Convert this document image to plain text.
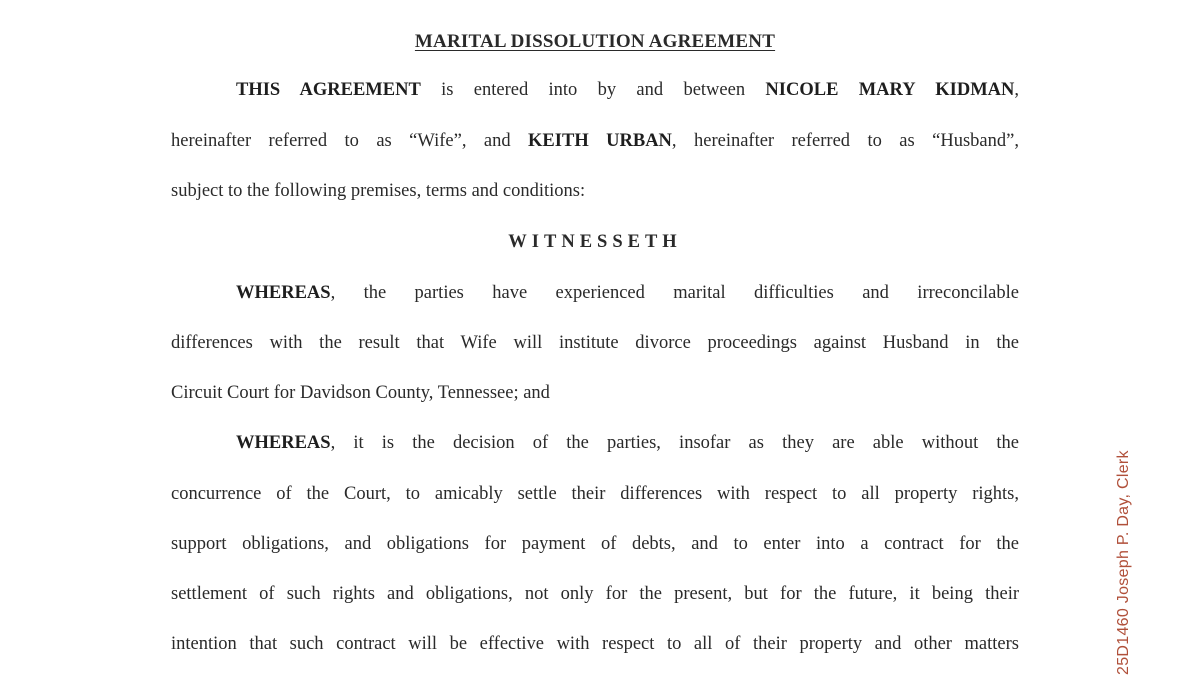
MARITAL DISSOLUTION AGREEMENT
THIS AGREEMENT is entered into by and between NICOLE MARY KIDMAN,
hereinafter referred to as “Wife”, and KEITH URBAN, hereinafter referred to as “Husband”,
subject to the following premises, terms and conditions:
WITNESSETH
WHEREAS, the parties have experienced marital difficulties and irreconcilable
differences with the result that Wife will institute divorce proceedings against Husband in the
Circuit Court for Davidson County, Tennessee; and
WHEREAS, it is the decision of the parties, insofar as they are able without the
concurrence of the Court, to amicably settle their differences with respect to all property rights,
support obligations, and obligations for payment of debts, and to enter into a contract for the
settlement of such rights and obligations, not only for the present, but for the future, it being their
intention that such contract will be effective with respect to all of their property and other matters	25D1460 Joseph P. Day, Clerk
